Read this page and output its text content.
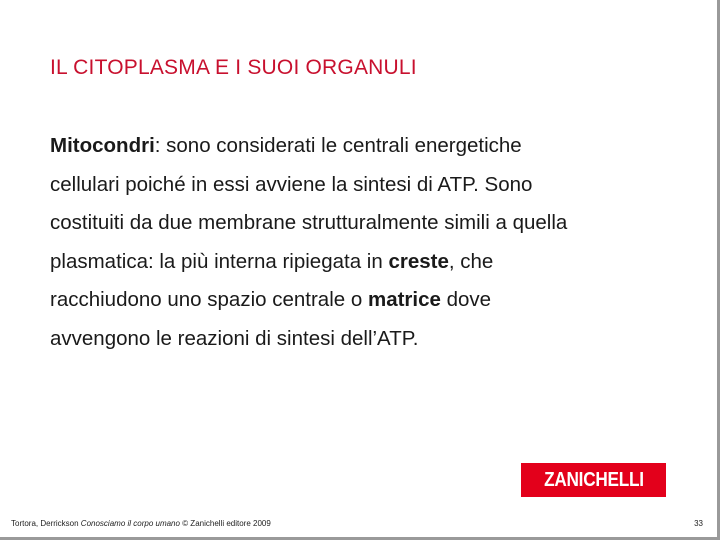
IL CITOPLASMA E I SUOI ORGANULI
Mitocondri: sono considerati le centrali energetiche
cellulari poiché in essi avviene la sintesi di ATP. Sono
costituiti da due membrane strutturalmente simili a quella
plasmatica: la più interna ripiegata in creste, che
racchiudono uno spazio centrale o matrice dove
avvengono le reazioni di sintesi dell’ATP.
ZANICHELLI
Tortora, Derrickson Conosciamo il corpo umano © Zanichelli editore 2009	33
